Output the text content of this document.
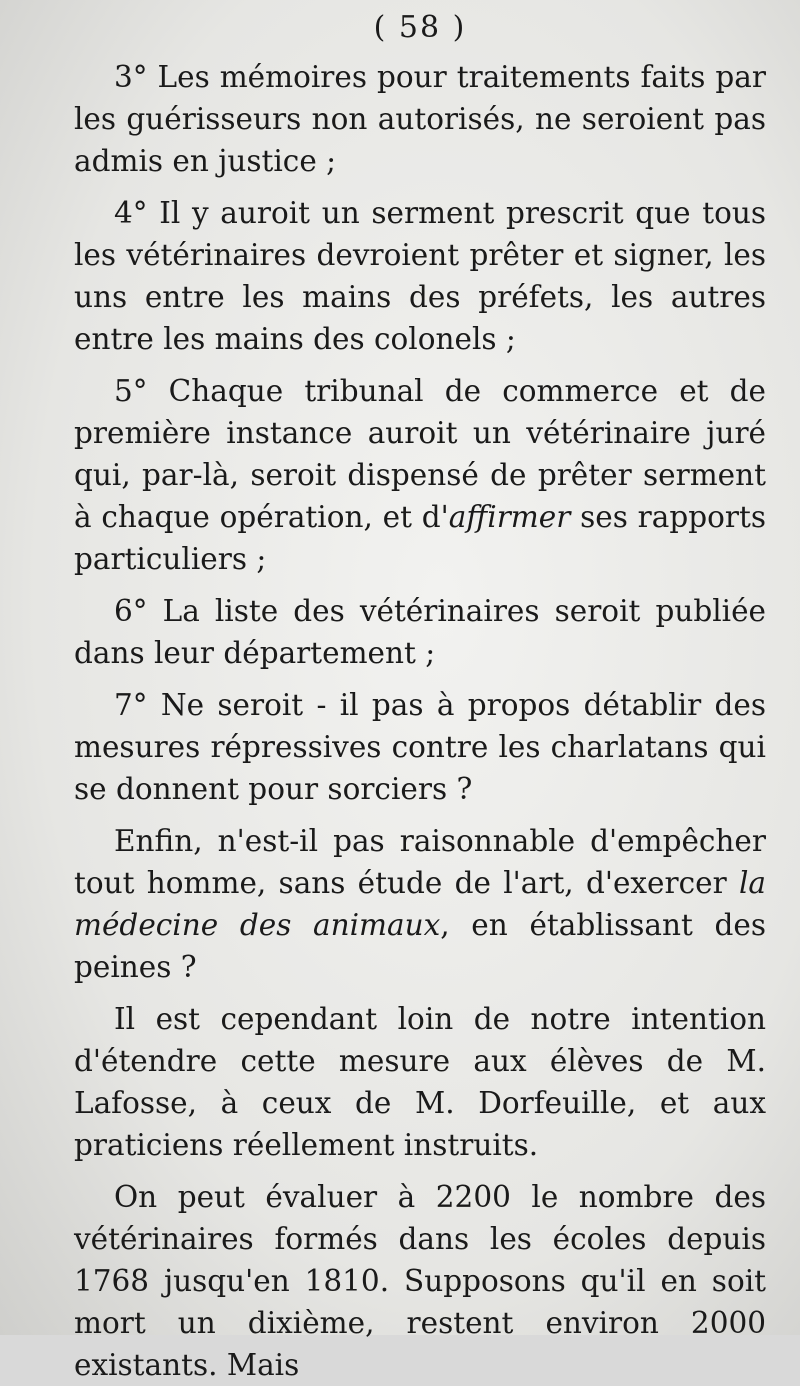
( 58 )

3° Les mémoires pour traitements faits par les guérisseurs non autorisés, ne seroient pas admis en justice ;

4° Il y auroit un serment prescrit que tous les vétérinaires devroient prêter et signer, les uns entre les mains des préfets, les autres entre les mains des colonels ;

5° Chaque tribunal de commerce et de première instance auroit un vétérinaire juré qui, par-là, seroit dispensé de prêter serment à chaque opération, et d'affirmer ses rapports particuliers ;

6° La liste des vétérinaires seroit publiée dans leur département ;

7° Ne seroit - il pas à propos détablir des mesures répressives contre les charlatans qui se donnent pour sorciers ?

Enfin, n'est-il pas raisonnable d'empêcher tout homme, sans étude de l'art, d'exercer la médecine des animaux, en établissant des peines ?

Il est cependant loin de notre intention d'étendre cette mesure aux élèves de M. Lafosse, à ceux de M. Dorfeuille, et aux praticiens réellement instruits.

On peut évaluer à 2200 le nombre des vétérinaires formés dans les écoles depuis 1768 jusqu'en 1810. Supposons qu'il en soit mort un dixième, restent environ 2000 existants. Mais
